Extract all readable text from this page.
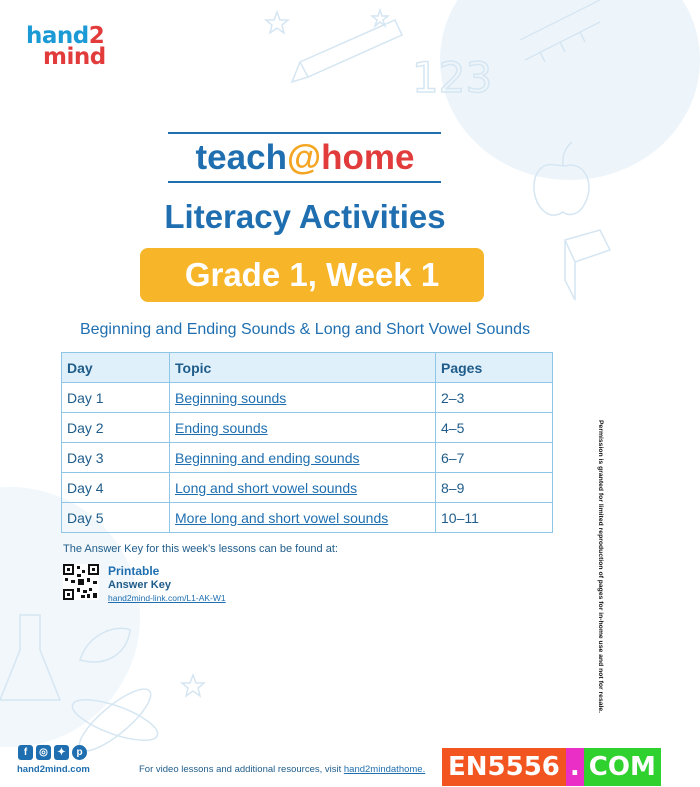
123
hand2
mind
teach@home
Literacy Activities
Grade 1, Week 1
Beginning and Ending Sounds & Long and Short Vowel Sounds
Day	Topic	Pages
Day 1	Beginning sounds	2–3
Day 2	Ending sounds	4–5
Day 3	Beginning and ending sounds	6–7
Day 4	Long and short vowel sounds	8–9
Day 5	More long and short vowel sounds	10–11
The Answer Key for this week’s lessons can be found at:
Printable
Answer Key
hand2mind-link.com/L1-AK-W1	Permission is granted for limited reproduction of pages for in-home use and not for resale.
f	◎ ✦	p
hand2mind.com	For video lessons and additional resources, visit hand2mindathome. EN5556 . COM
